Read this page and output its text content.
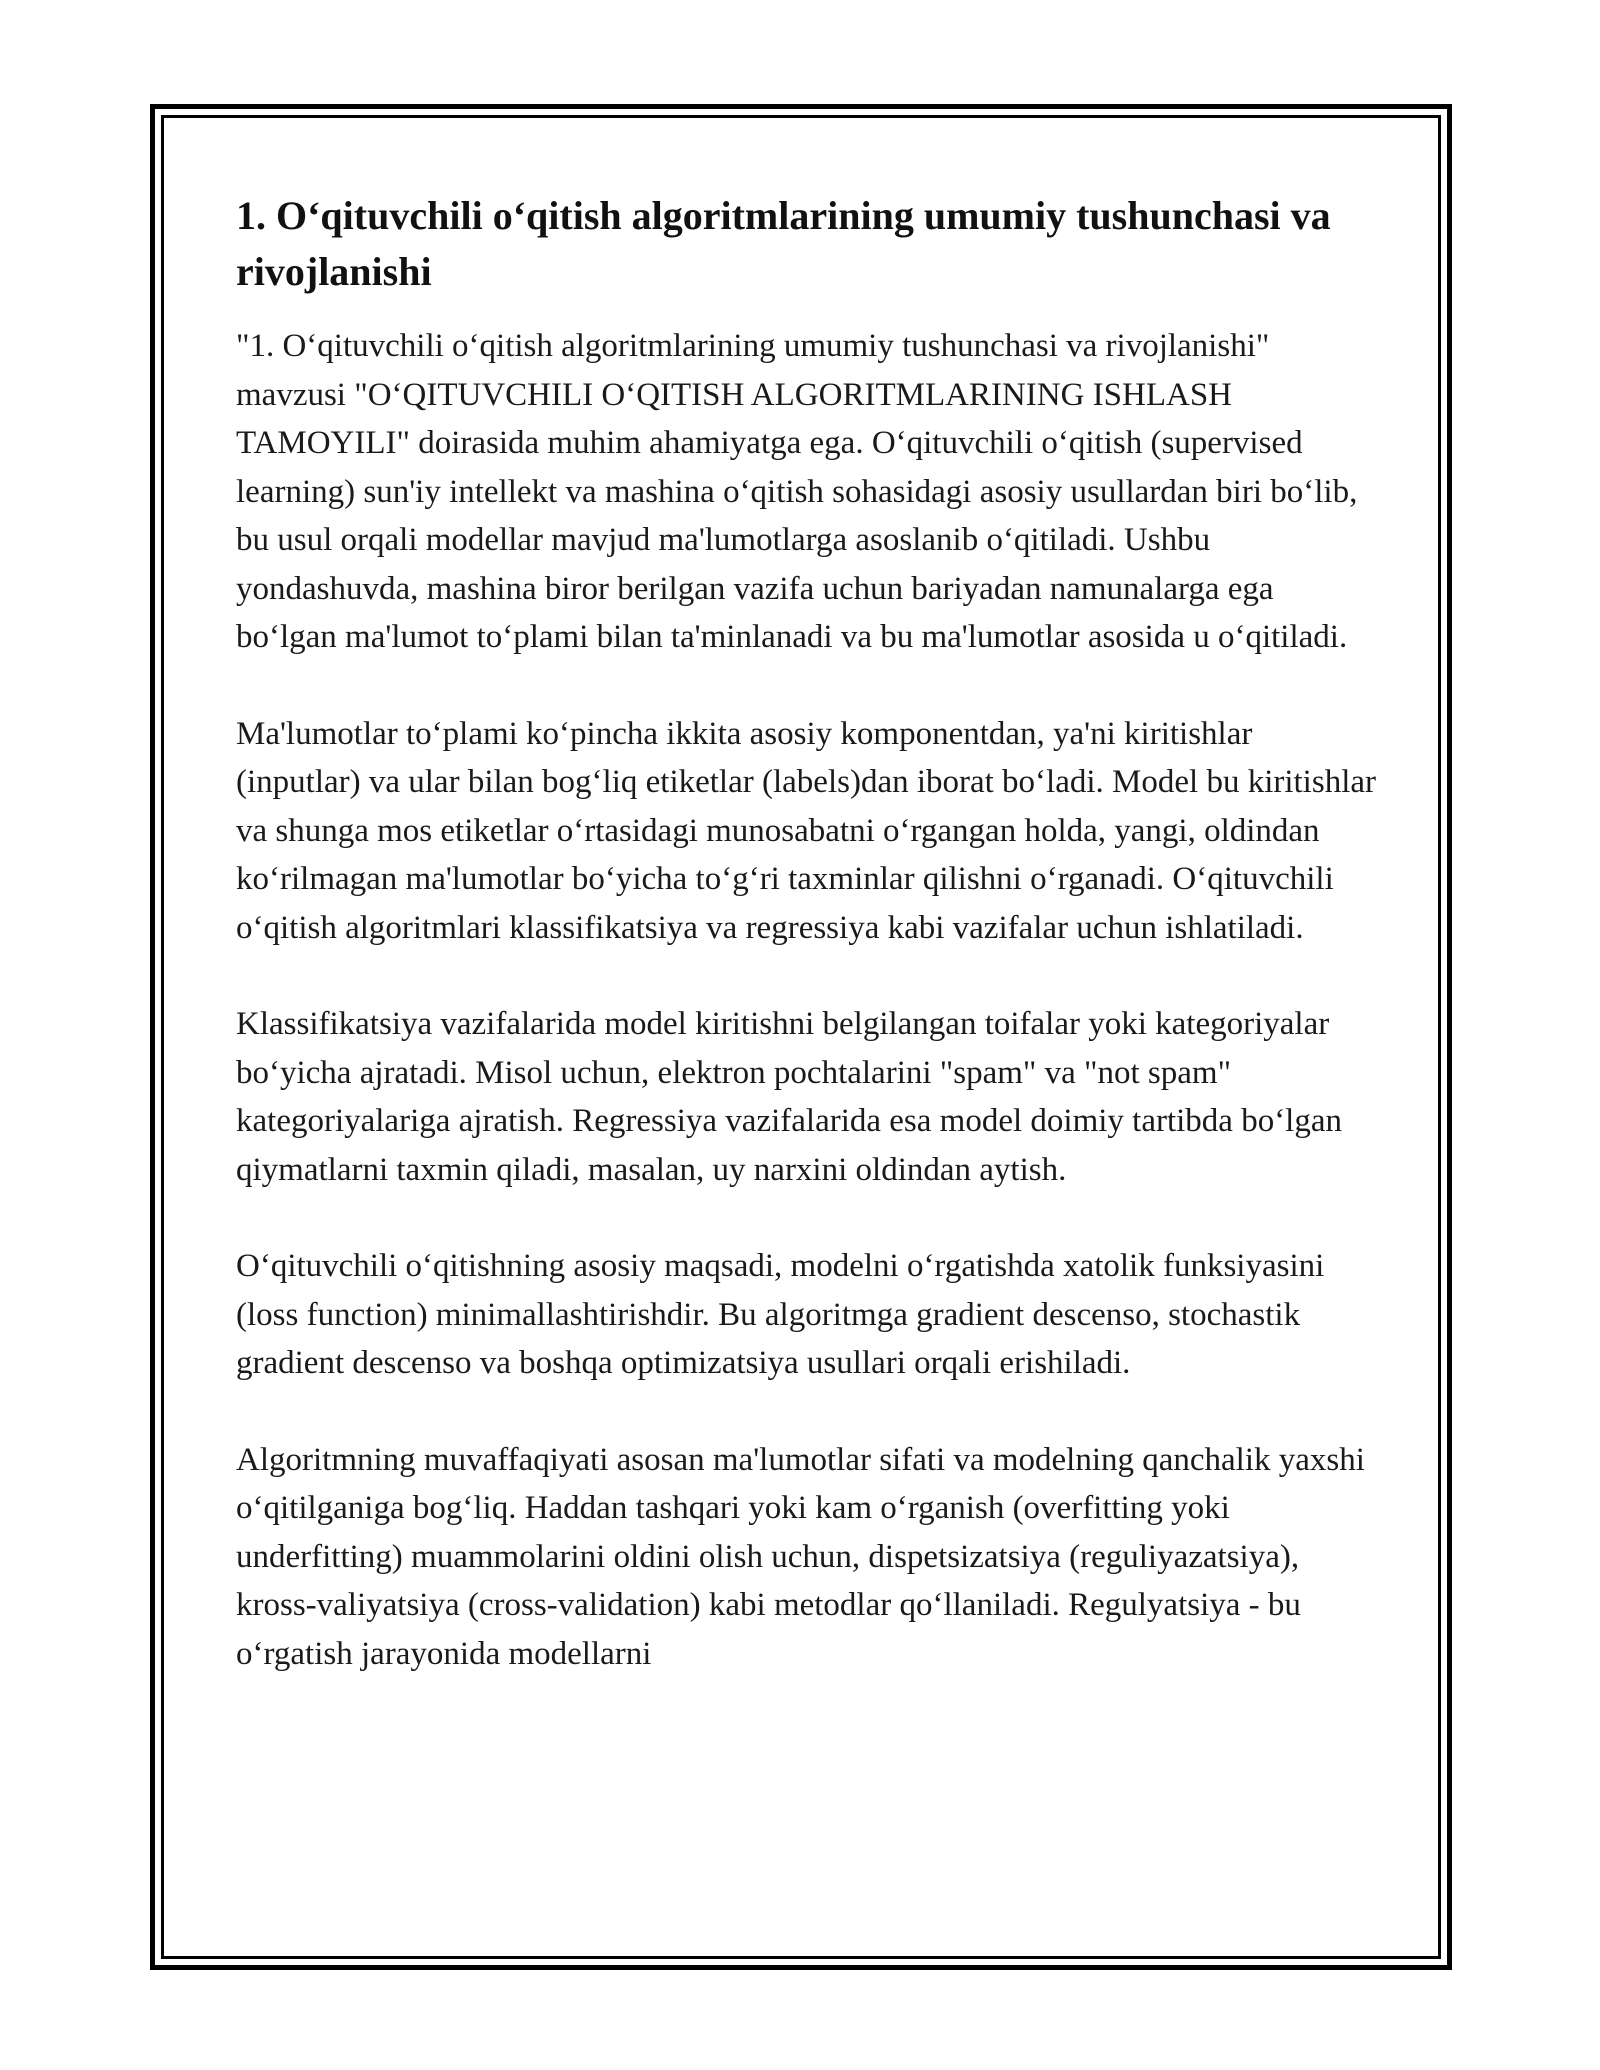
1. O‘qituvchili o‘qitish algoritmlarining umumiy tushunchasi va rivojlanishi

"1. O‘qituvchili o‘qitish algoritmlarining umumiy tushunchasi va rivojlanishi" mavzusi "O‘QITUVCHILI O‘QITISH ALGORITMLARINING ISHLASH TAMOYILI" doirasida muhim ahamiyatga ega. O‘qituvchili o‘qitish (supervised learning) sun'iy intellekt va mashina o‘qitish sohasidagi asosiy usullardan biri bo‘lib, bu usul orqali modellar mavjud ma'lumotlarga asoslanib o‘qitiladi. Ushbu yondashuvda, mashina biror berilgan vazifa uchun bariyadan namunalarga ega bo‘lgan ma'lumot to‘plami bilan ta'minlanadi va bu ma'lumotlar asosida u o‘qitiladi.

Ma'lumotlar to‘plami ko‘pincha ikkita asosiy komponentdan, ya'ni kiritishlar (inputlar) va ular bilan bog‘liq etiketlar (labels)dan iborat bo‘ladi. Model bu kiritishlar va shunga mos etiketlar o‘rtasidagi munosabatni o‘rgangan holda, yangi, oldindan ko‘rilmagan ma'lumotlar bo‘yicha to‘g‘ri taxminlar qilishni o‘rganadi. O‘qituvchili o‘qitish algoritmlari klassifikatsiya va regressiya kabi vazifalar uchun ishlatiladi.

Klassifikatsiya vazifalarida model kiritishni belgilangan toifalar yoki kategoriyalar bo‘yicha ajratadi. Misol uchun, elektron pochtalarini "spam" va "not spam" kategoriyalariga ajratish. Regressiya vazifalarida esa model doimiy tartibda bo‘lgan qiymatlarni taxmin qiladi, masalan, uy narxini oldindan aytish.

O‘qituvchili o‘qitishning asosiy maqsadi, modelni o‘rgatishda xatolik funksiyasini (loss function) minimallashtirishdir. Bu algoritmga gradient descenso, stochastik gradient descenso va boshqa optimizatsiya usullari orqali erishiladi.

Algoritmning muvaffaqiyati asosan ma'lumotlar sifati va modelning qanchalik yaxshi o‘qitilganiga bog‘liq. Haddan tashqari yoki kam o‘rganish (overfitting yoki underfitting) muammolarini oldini olish uchun, dispetsizatsiya (reguliyazatsiya), kross-valiyatsiya (cross-validation) kabi metodlar qo‘llaniladi. Regulyatsiya - bu o‘rgatish jarayonida modellarni
